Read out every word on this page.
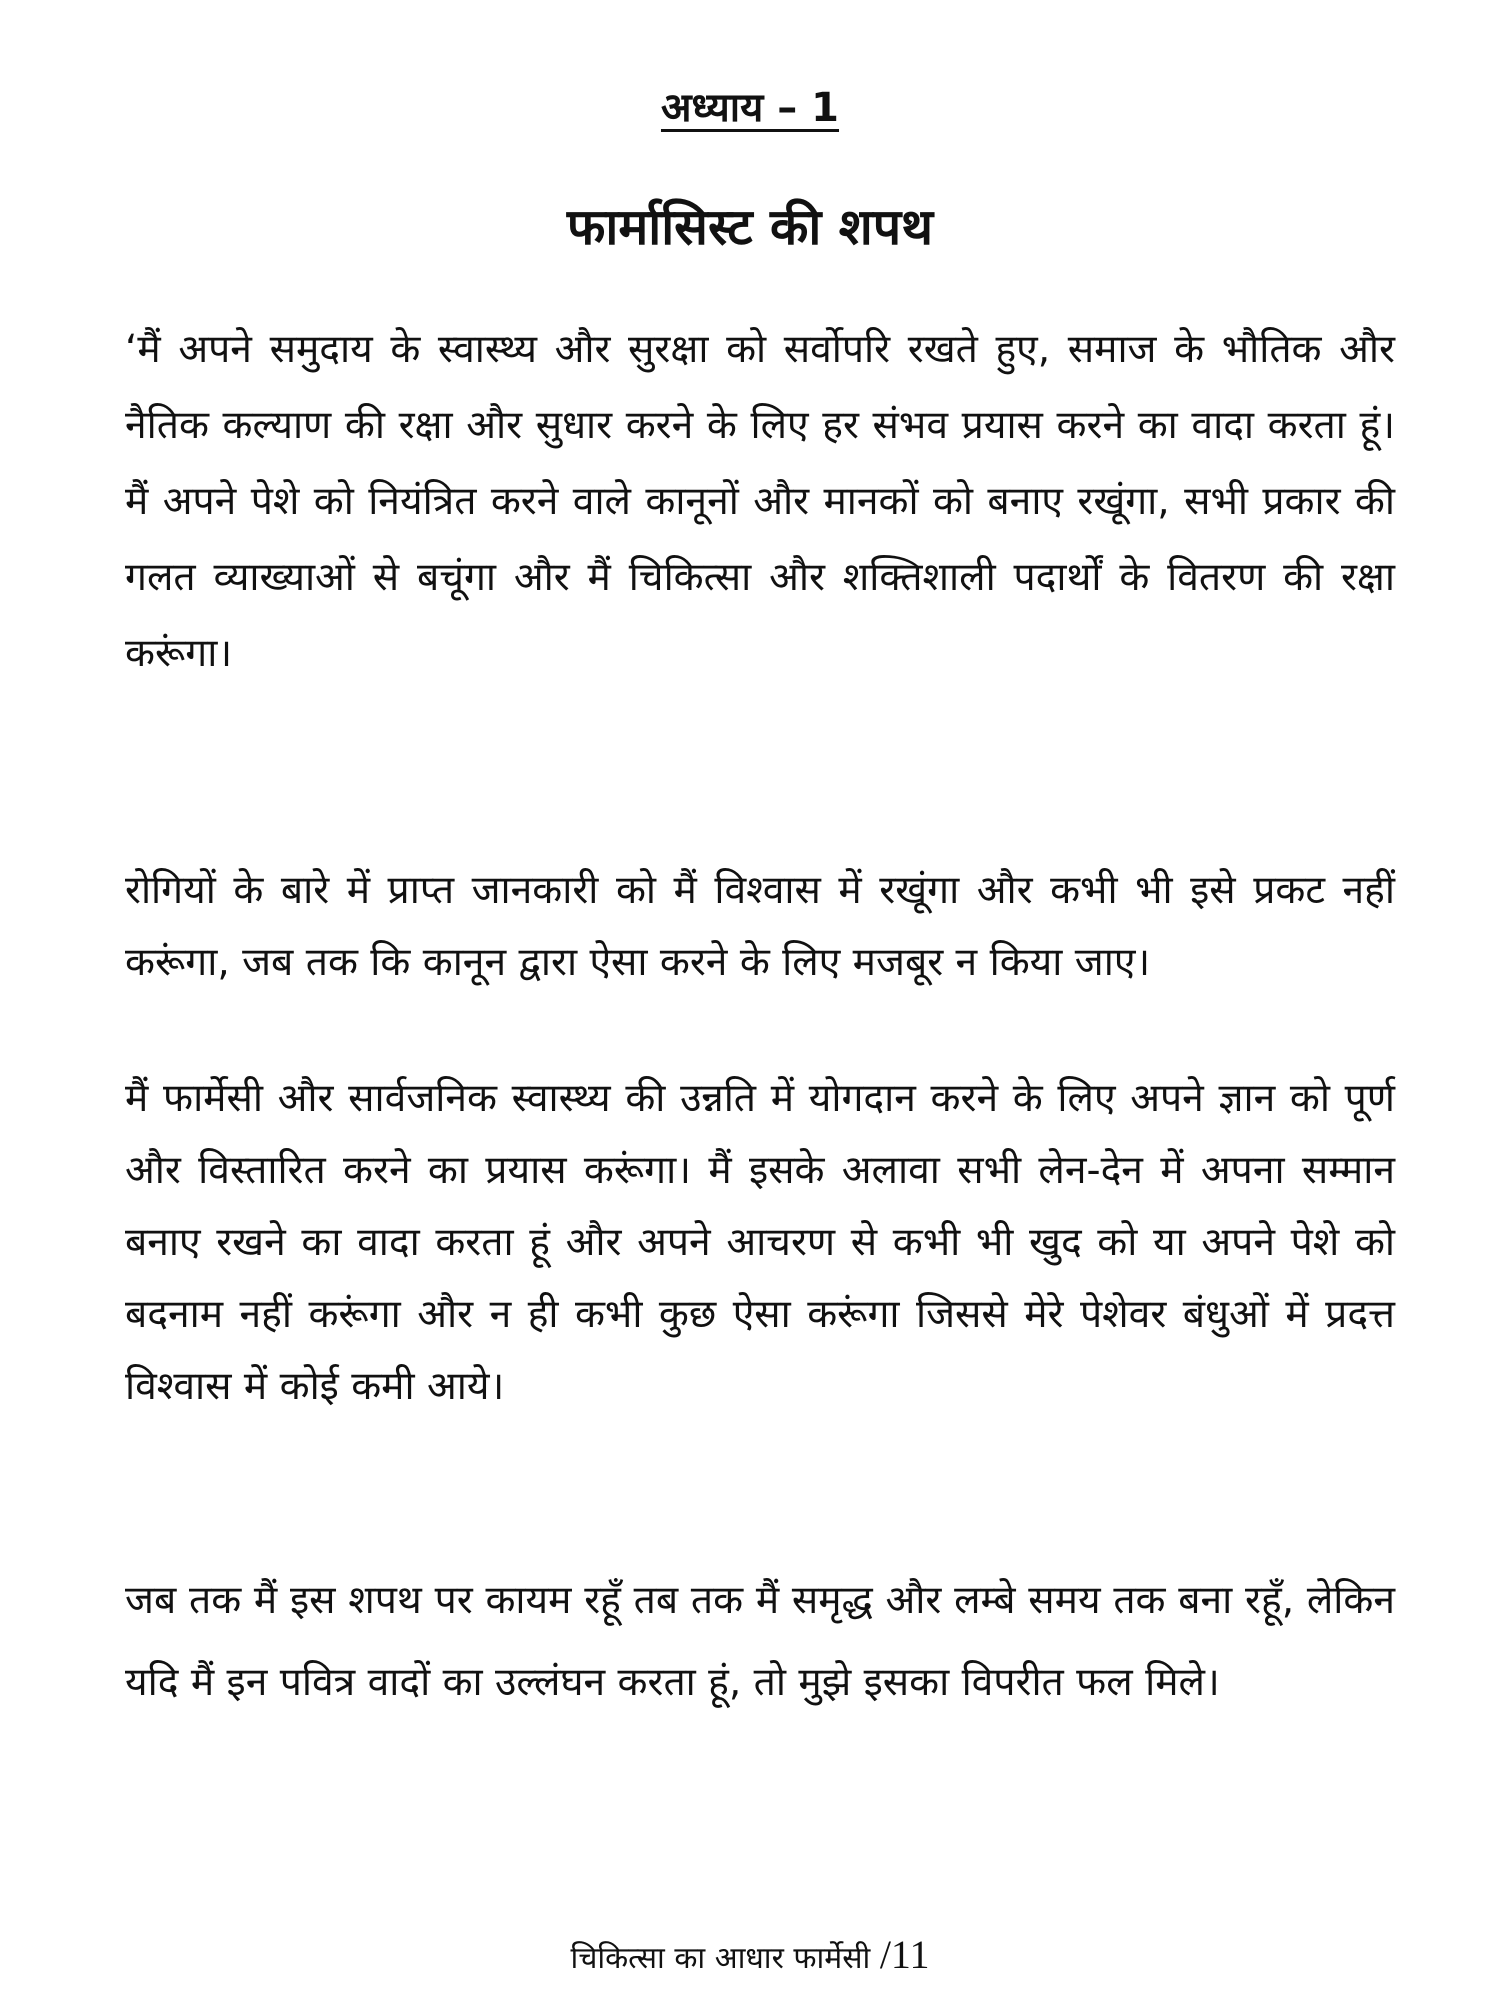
अध्याय – 1
फार्मासिस्ट की शपथ

‘मैं अपने समुदाय के स्वास्थ्य और सुरक्षा को सर्वोपरि रखते हुए, समाज के भौतिक और नैतिक कल्याण की रक्षा और सुधार करने के लिए हर संभव प्रयास करने का वादा करता हूं। मैं अपने पेशे को नियंत्रित करने वाले कानूनों और मानकों को बनाए रखूंगा, सभी प्रकार की गलत व्याख्याओं से बचूंगा और मैं चिकित्सा और शक्तिशाली पदार्थों के वितरण की रक्षा करूंगा।

रोगियों के बारे में प्राप्त जानकारी को मैं विश्वास में रखूंगा और कभी भी इसे प्रकट नहीं करूंगा, जब तक कि कानून द्वारा ऐसा करने के लिए मजबूर न किया जाए।

मैं फार्मेसी और सार्वजनिक स्वास्थ्य की उन्नति में योगदान करने के लिए अपने ज्ञान को पूर्ण और विस्तारित करने का प्रयास करूंगा। मैं इसके अलावा सभी लेन-देन में अपना सम्मान बनाए रखने का वादा करता हूं और अपने आचरण से कभी भी खुद को या अपने पेशे को बदनाम नहीं करूंगा और न ही कभी कुछ ऐसा करूंगा जिससे मेरे पेशेवर बंधुओं में प्रदत्त विश्वास में कोई कमी आये।

जब तक मैं इस शपथ पर कायम रहूँ तब तक मैं समृद्ध और लम्बे समय तक बना रहूँ, लेकिन यदि मैं इन पवित्र वादों का उल्लंघन करता हूं, तो मुझे इसका विपरीत फल मिले।

चिकित्सा का आधार फार्मेसी /11
